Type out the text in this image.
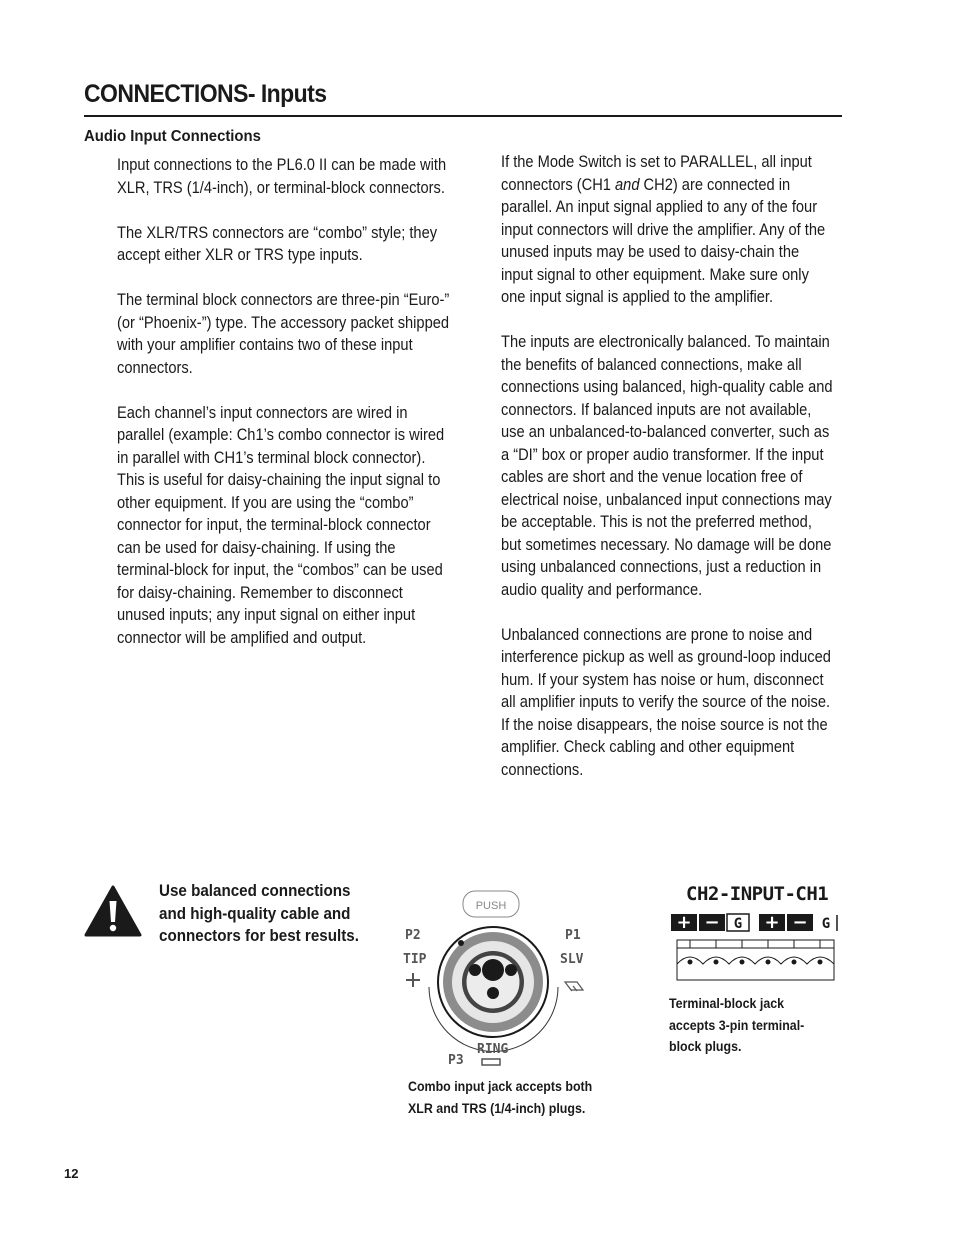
CONNECTIONS- Inputs
Audio Input Connections

Input connections to the PL6.0 II can be made with XLR, TRS (1/4-inch), or terminal-block connectors.

The XLR/TRS connectors are “combo” style; they accept either XLR or TRS type inputs.

The terminal block connectors are three-pin “Euro-” (or “Phoenix-”) type. The accessory packet shipped with your amplifier contains two of these input connectors.

Each channel’s input connectors are wired in parallel (example: Ch1’s combo connector is wired in parallel with CH1’s terminal block connector). This is useful for daisy-chaining the input signal to other equipment. If you are using the “combo” connector for input, the terminal-block connector can be used for daisy-chaining. If using the terminal-block for input, the “combos” can be used for daisy-chaining. Remember to disconnect unused inputs; any input signal on either input connector will be amplified and output.

If the Mode Switch is set to PARALLEL, all input connectors (CH1 and CH2) are connected in parallel. An input signal applied to any of the four input connectors will drive the amplifier. Any of the unused inputs may be used to daisy-chain the input signal to other equipment. Make sure only one input signal is applied to the amplifier.

The inputs are electronically balanced. To maintain the benefits of balanced connections, make all connections using balanced, high-quality cable and connectors. If balanced inputs are not available, use an unbalanced-to-balanced converter, such as a “DI” box or proper audio transformer. If the input cables are short and the venue location free of electrical noise, unbalanced input connections may be acceptable. This is not the preferred method, but sometimes necessary. No damage will be done using unbalanced connections, just a reduction in audio quality and performance.

Unbalanced connections are prone to noise and interference pickup as well as ground-loop induced hum. If your system has noise or hum, disconnect all amplifier inputs to verify the source of the noise. If the noise disappears, the noise source is not the amplifier. Check cabling and other equipment connections.

Use balanced connections and high-quality cable and connectors for best results.

PUSH
P2	P1
TIP	SLV
P3
RING

Combo input jack accepts both XLR and TRS (1/4-inch) plugs.

CH2-INPUT-CH1

+ − G + − G

Terminal-block jack accepts 3-pin terminal-block plugs.

12
